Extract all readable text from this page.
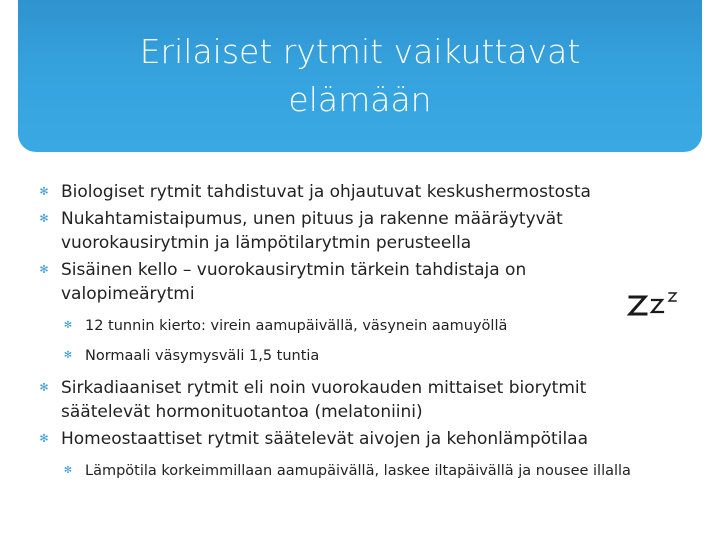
Erilaiset rytmit vaikuttavat
elämään
✻ Biologiset rytmit tahdistuvat ja ohjautuvat keskushermostosta
✻ Nukahtamistaipumus, unen pituus ja rakenne määräytyvät vuorokausirytmin ja lämpötilarytmin perusteella
✻ Sisäinen kello – vuorokausirytmin tärkein tahdistaja on valopimeärytmi
✻ 12 tunnin kierto: virein aamupäivällä, väsynein aamuyöllä
✻ Normaali väsymysväli 1,5 tuntia
✻ Sirkadiaaniset rytmit eli noin vuorokauden mittaiset biorytmit säätelevät hormonituotantoa (melatoniini)
✻ Homeostaattiset rytmit säätelevät aivojen ja kehonlämpötilaa
✻ Lämpötila korkeimmillaan aamupäivällä, laskee iltapäivällä ja nousee illalla
